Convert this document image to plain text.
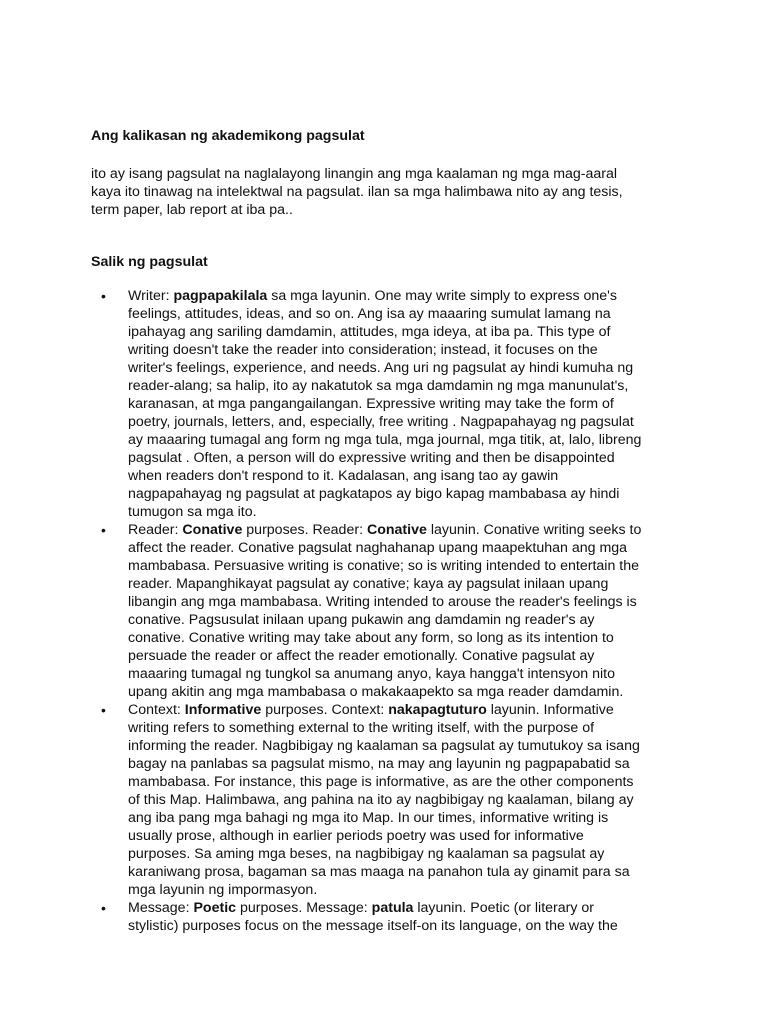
Ang kalikasan ng akademikong pagsulat

ito ay isang pagsulat na naglalayong linangin ang mga kaalaman ng mga mag-aaral
kaya ito tinawag na intelektwal na pagsulat. ilan sa mga halimbawa nito ay ang tesis,
term paper, lab report at iba pa..

Salik ng pagsulat
• Writer: pagpapakilala sa mga layunin. One may write simply to express one's
feelings, attitudes, ideas, and so on. Ang isa ay maaaring sumulat lamang na
ipahayag ang sariling damdamin, attitudes, mga ideya, at iba pa. This type of
writing doesn't take the reader into consideration; instead, it focuses on the
writer's feelings, experience, and needs. Ang uri ng pagsulat ay hindi kumuha ng
reader-alang; sa halip, ito ay nakatutok sa mga damdamin ng mga manunulat's,
karanasan, at mga pangangailangan. Expressive writing may take the form of
poetry, journals, letters, and, especially, free writing . Nagpapahayag ng pagsulat
ay maaaring tumagal ang form ng mga tula, mga journal, mga titik, at, lalo, libreng
pagsulat . Often, a person will do expressive writing and then be disappointed
when readers don't respond to it. Kadalasan, ang isang tao ay gawin
nagpapahayag ng pagsulat at pagkatapos ay bigo kapag mambabasa ay hindi
tumugon sa mga ito.
• Reader: Conative purposes. Reader: Conative layunin. Conative writing seeks to
affect the reader. Conative pagsulat naghahanap upang maapektuhan ang mga
mambabasa. Persuasive writing is conative; so is writing intended to entertain the
reader. Mapanghikayat pagsulat ay conative; kaya ay pagsulat inilaan upang
libangin ang mga mambabasa. Writing intended to arouse the reader's feelings is
conative. Pagsusulat inilaan upang pukawin ang damdamin ng reader's ay
conative. Conative writing may take about any form, so long as its intention to
persuade the reader or affect the reader emotionally. Conative pagsulat ay
maaaring tumagal ng tungkol sa anumang anyo, kaya hangga't intensyon nito
upang akitin ang mga mambabasa o makakaapekto sa mga reader damdamin.
• Context: Informative purposes. Context: nakapagtuturo layunin. Informative
writing refers to something external to the writing itself, with the purpose of
informing the reader. Nagbibigay ng kaalaman sa pagsulat ay tumutukoy sa isang
bagay na panlabas sa pagsulat mismo, na may ang layunin ng pagpapabatid sa
mambabasa. For instance, this page is informative, as are the other components
of this Map. Halimbawa, ang pahina na ito ay nagbibigay ng kaalaman, bilang ay
ang iba pang mga bahagi ng mga ito Map. In our times, informative writing is
usually prose, although in earlier periods poetry was used for informative
purposes. Sa aming mga beses, na nagbibigay ng kaalaman sa pagsulat ay
karaniwang prosa, bagaman sa mas maaga na panahon tula ay ginamit para sa
mga layunin ng impormasyon.
• Message: Poetic purposes. Message: patula layunin. Poetic (or literary or
stylistic) purposes focus on the message itself-on its language, on the way the
